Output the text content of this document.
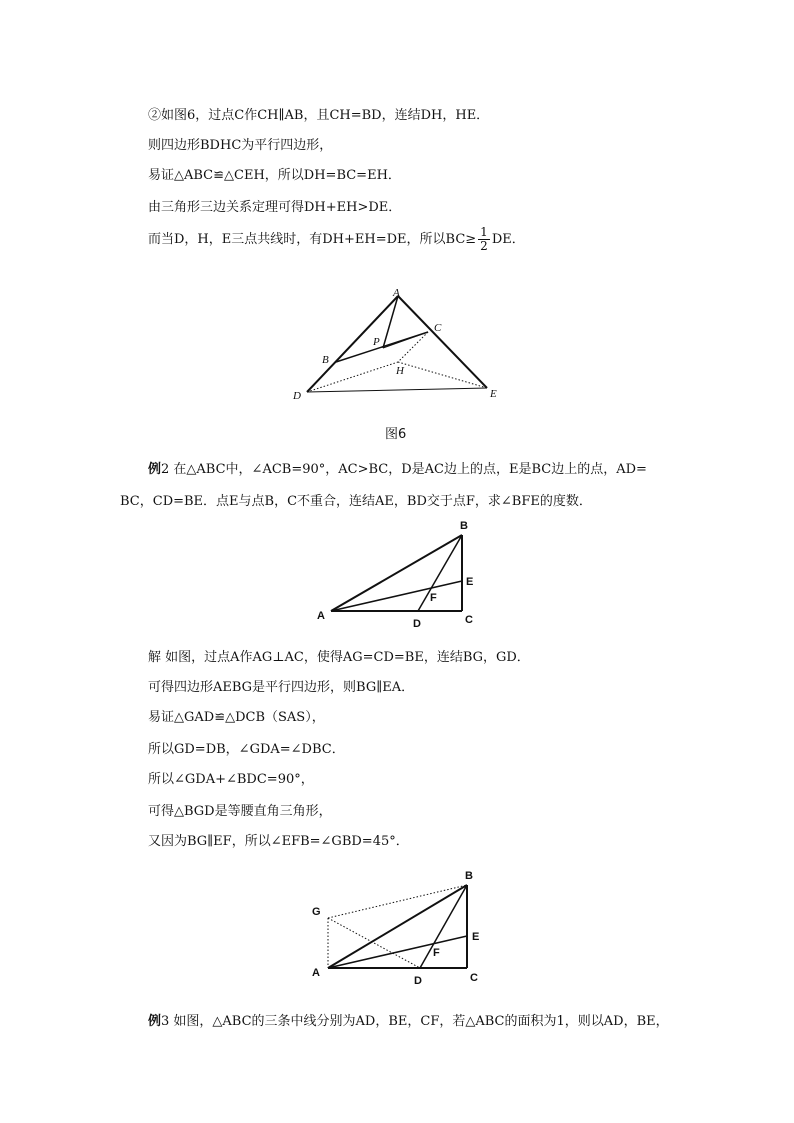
②如图6，过点C作CH∥AB，且CH=BD，连结DH，HE．
则四边形BDHC为平行四边形，
易证△ABC≌△CEH，所以DH=BC=EH．
由三角形三边关系定理可得DH+EH>DE．
而当D，H，E三点共线时，有DH+EH=DE，所以$BC\ge \frac{1}{2}$ DE．
A
B
C
D	E
P
H
图6
例2 在△ABC中，∠ACB=90°，AC>BC，D是AC边上的点，E是BC边上的点，AD=
BC，CD=BE．点E与点B，C不重合，连结AE，BD交于点F，求∠BFE的度数．
A
B
C
D
E
F
解 如图，过点A作AG⊥AC，使得AG=CD=BE，连结BG，GD．
可得四边形AEBG是平行四边形，则BG∥EA．
易证△GAD≌△DCB（SAS），
所以GD=DB，∠GDA=∠DBC．
所以∠GDA+∠BDC=90°，
可得△BGD是等腰直角三角形，
又因为BG∥EF，所以∠EFB=∠GBD=45°．
A
B
C
D
E
F
G
例3 如图，△ABC的三条中线分别为AD，BE，CF，若△ABC的面积为1，则以AD，BE，
